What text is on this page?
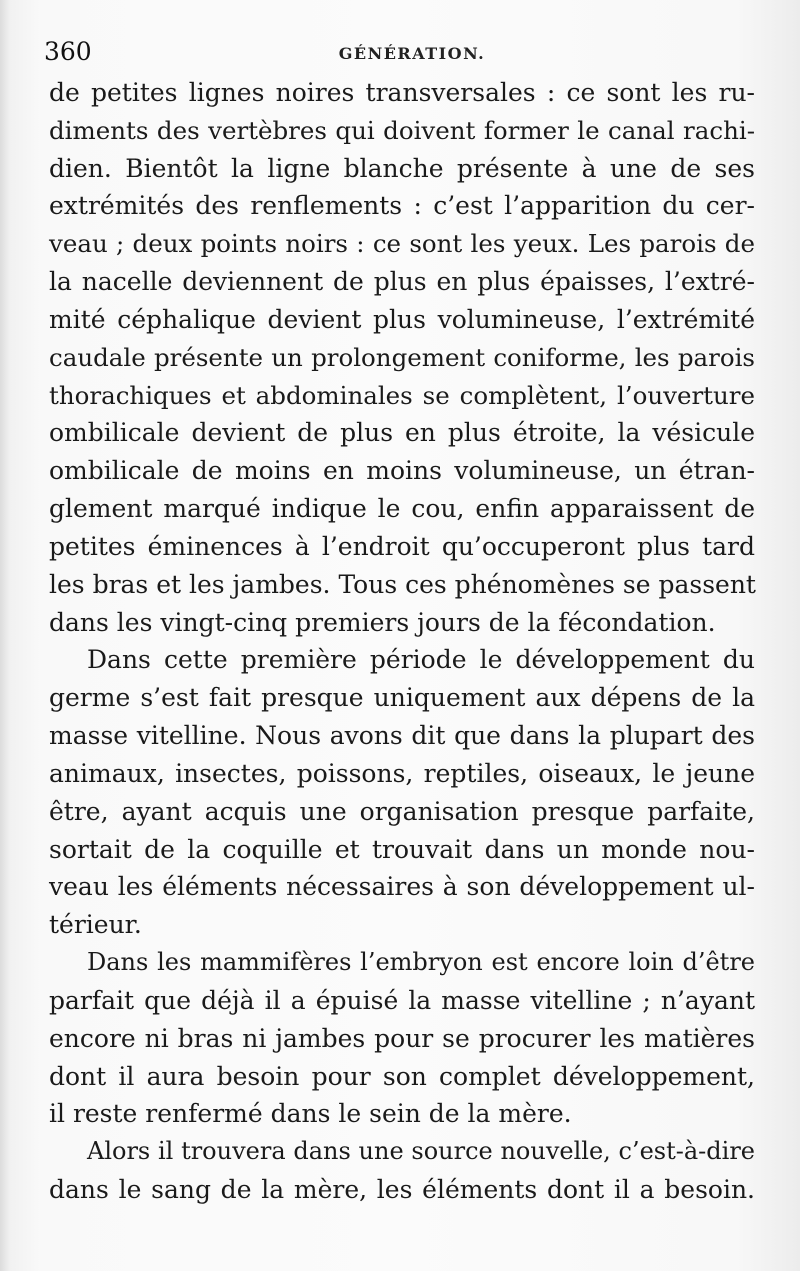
360	GÉNÉRATION.
de petites lignes noires transversales : ce sont les ru-
diments des vertèbres qui doivent former le canal rachi-
dien. Bientôt la ligne blanche présente à une de ses
extrémités des renflements : c’est l’apparition du cer-
veau ; deux points noirs : ce sont les yeux. Les parois de
la nacelle deviennent de plus en plus épaisses, l’extré-
mité céphalique devient plus volumineuse, l’extrémité
caudale présente un prolongement coniforme, les parois
thorachiques et abdominales se complètent, l’ouverture
ombilicale devient de plus en plus étroite, la vésicule
ombilicale de moins en moins volumineuse, un étran-
glement marqué indique le cou, enfin apparaissent de
petites éminences à l’endroit qu’occuperont plus tard
les bras et les jambes. Tous ces phénomènes se passent
dans les vingt-cinq premiers jours de la fécondation.
Dans cette première période le développement du
germe s’est fait presque uniquement aux dépens de la
masse vitelline. Nous avons dit que dans la plupart des
animaux, insectes, poissons, reptiles, oiseaux, le jeune
être, ayant acquis une organisation presque parfaite,
sortait de la coquille et trouvait dans un monde nou-
veau les éléments nécessaires à son développement ul-
térieur.
Dans les mammifères l’embryon est encore loin d’être
parfait que déjà il a épuisé la masse vitelline ; n’ayant
encore ni bras ni jambes pour se procurer les matières
dont il aura besoin pour son complet développement,
il reste renfermé dans le sein de la mère.
Alors il trouvera dans une source nouvelle, c’est-à-dire
dans le sang de la mère, les éléments dont il a besoin.
